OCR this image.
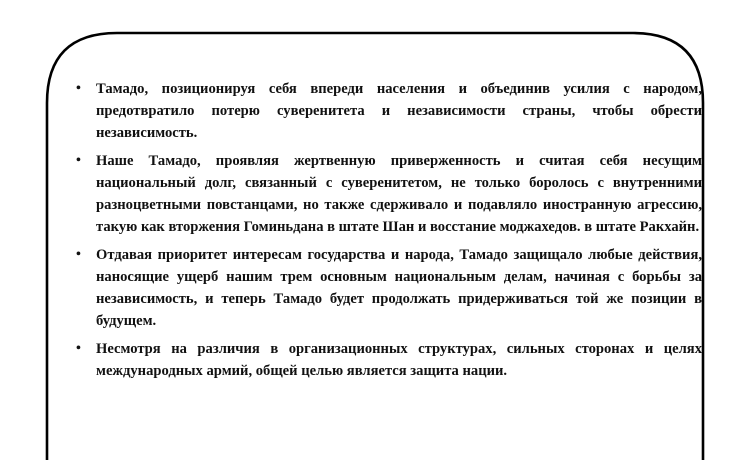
• Тамадо, позиционируя себя впереди населения и объединив усилия с народом, предотвратило потерю суверенитета и независимости страны, чтобы обрести независимость.
• Наше Тамадо, проявляя жертвенную приверженность и считая себя несущим национальный долг, связанный с суверенитетом, не только боролось с внутренними разноцветными повстанцами, но также сдерживало и подавляло иностранную агрессию, такую как вторжения Гоминьдана в штате Шан и восстание моджахедов. в штате Ракхайн.
• Отдавая приоритет интересам государства и народа, Тамадо защищало любые действия, наносящие ущерб нашим трем основным национальным делам, начиная с борьбы за независимость, и теперь Тамадо будет продолжать придерживаться той же позиции в будущем.
• Несмотря на различия в организационных структурах, сильных сторонах и целях международных армий, общей целью является защита нации.
